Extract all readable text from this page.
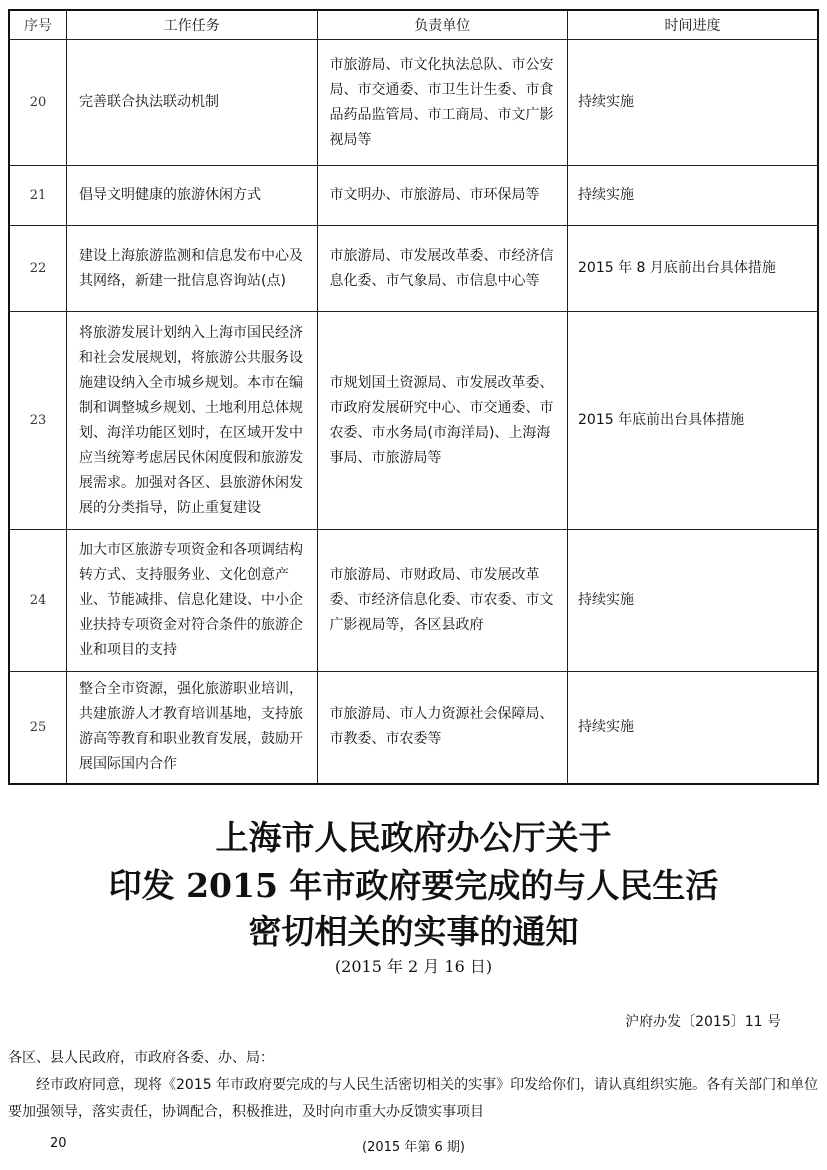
序号	工作任务	负责单位	时间进度
20	完善联合执法联动机制	市旅游局、市文化执法总队、市公安局、市交通委、市卫生计生委、市食品药品监管局、市工商局、市文广影视局等	持续实施
21	倡导文明健康的旅游休闲方式	市文明办、市旅游局、市环保局等	持续实施
22	建设上海旅游监测和信息发布中心及其网络，新建一批信息咨询站(点)	市旅游局、市发展改革委、市经济信息化委、市气象局、市信息中心等	2015 年 8 月底前出台具体措施
23	将旅游发展计划纳入上海市国民经济和社会发展规划，将旅游公共服务设施建设纳入全市城乡规划。本市在编制和调整城乡规划、土地利用总体规划、海洋功能区划时，在区域开发中应当统筹考虑居民休闲度假和旅游发展需求。加强对各区、县旅游休闲发展的分类指导，防止重复建设	市规划国土资源局、市发展改革委、市政府发展研究中心、市交通委、市农委、市水务局(市海洋局)、上海海事局、市旅游局等	2015 年底前出台具体措施
24	加大市区旅游专项资金和各项调结构转方式、支持服务业、文化创意产业、节能减排、信息化建设、中小企业扶持专项资金对符合条件的旅游企业和项目的支持	市旅游局、市财政局、市发展改革委、市经济信息化委、市农委、市文广影视局等，各区县政府	持续实施
25	整合全市资源，强化旅游职业培训，共建旅游人才教育培训基地，支持旅游高等教育和职业教育发展，鼓励开展国际国内合作	市旅游局、市人力资源社会保障局、市教委、市农委等	持续实施
上海市人民政府办公厅关于
印发 2015 年市政府要完成的与人民生活
密切相关的实事的通知
(2015 年 2 月 16 日)
沪府办发〔2015〕11 号
各区、县人民政府，市政府各委、办、局：
经市政府同意，现将《2015 年市政府要完成的与人民生活密切相关的实事》印发给你们，请认真组织实施。各有关部门和单位要加强领导，落实责任，协调配合，积极推进，及时向市重大办反馈实事项目
20	(2015 年第 6 期)
